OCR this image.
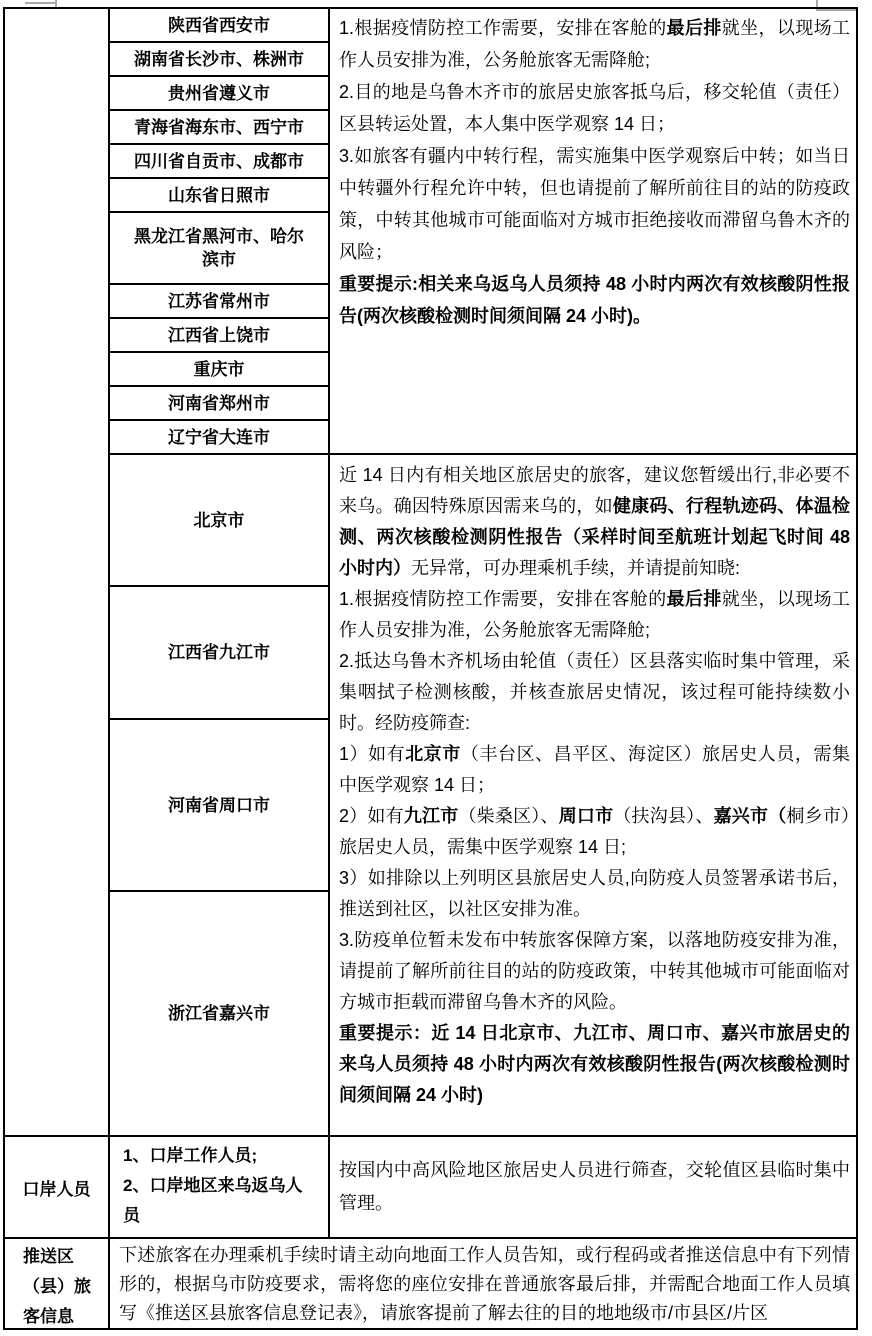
陕西省西安市
湖南省长沙市、株洲市
贵州省遵义市
青海省海东市、西宁市
四川省自贡市、成都市
山东省日照市
黑龙江省黑河市、哈尔滨市
江苏省常州市
江西省上饶市
重庆市
河南省郑州市
辽宁省大连市

1.根据疫情防控工作需要，安排在客舱的最后排就坐，以现场工作人员安排为准，公务舱旅客无需降舱;

2.目的地是乌鲁木齐市的旅居史旅客抵乌后，移交轮值（责任）区县转运处置，本人集中医学观察 14 日；

3.如旅客有疆内中转行程，需实施集中医学观察后中转；如当日中转疆外行程允许中转，但也请提前了解所前往目的站的防疫政策，中转其他城市可能面临对方城市拒绝接收而滞留乌鲁木齐的风险；

重要提示:相关来乌返乌人员须持 48 小时内两次有效核酸阴性报告(两次核酸检测时间须间隔 24 小时)。

北京市
江西省九江市
河南省周口市
浙江省嘉兴市

近 14 日内有相关地区旅居史的旅客，建议您暂缓出行,非必要不来乌。确因特殊原因需来乌的，如健康码、行程轨迹码、体温检测、两次核酸检测阴性报告（采样时间至航班计划起飞时间 48 小时内）无异常，可办理乘机手续，并请提前知晓:

1.根据疫情防控工作需要，安排在客舱的最后排就坐，以现场工作人员安排为准，公务舱旅客无需降舱;

2.抵达乌鲁木齐机场由轮值（责任）区县落实临时集中管理，采集咽拭子检测核酸，并核查旅居史情况，该过程可能持续数小时。经防疫筛查:

1）如有北京市（丰台区、昌平区、海淀区）旅居史人员，需集中医学观察 14 日；

2）如有九江市（柴桑区）、周口市（扶沟县）、嘉兴市（桐乡市）旅居史人员，需集中医学观察 14 日;

3）如排除以上列明区县旅居史人员,向防疫人员签署承诺书后，推送到社区，以社区安排为准。

3.防疫单位暂未发布中转旅客保障方案，以落地防疫安排为准，请提前了解所前往目的站的防疫政策，中转其他城市可能面临对方城市拒载而滞留乌鲁木齐的风险。

重要提示：近 14 日北京市、九江市、周口市、嘉兴市旅居史的来乌人员须持 48 小时内两次有效核酸阴性报告(两次核酸检测时间须间隔 24 小时)

口岸人员

1、口岸工作人员;

2、口岸地区来乌返乌人员

按国内中高风险地区旅居史人员进行筛查，交轮值区县临时集中管理。

推送区（县）旅客信息

下述旅客在办理乘机手续时请主动向地面工作人员告知，或行程码或者推送信息中有下列情形的，根据乌市防疫要求，需将您的座位安排在普通旅客最后排，并需配合地面工作人员填写《推送区县旅客信息登记表》，请旅客提前了解去往的目的地地级市/市县区/片区
